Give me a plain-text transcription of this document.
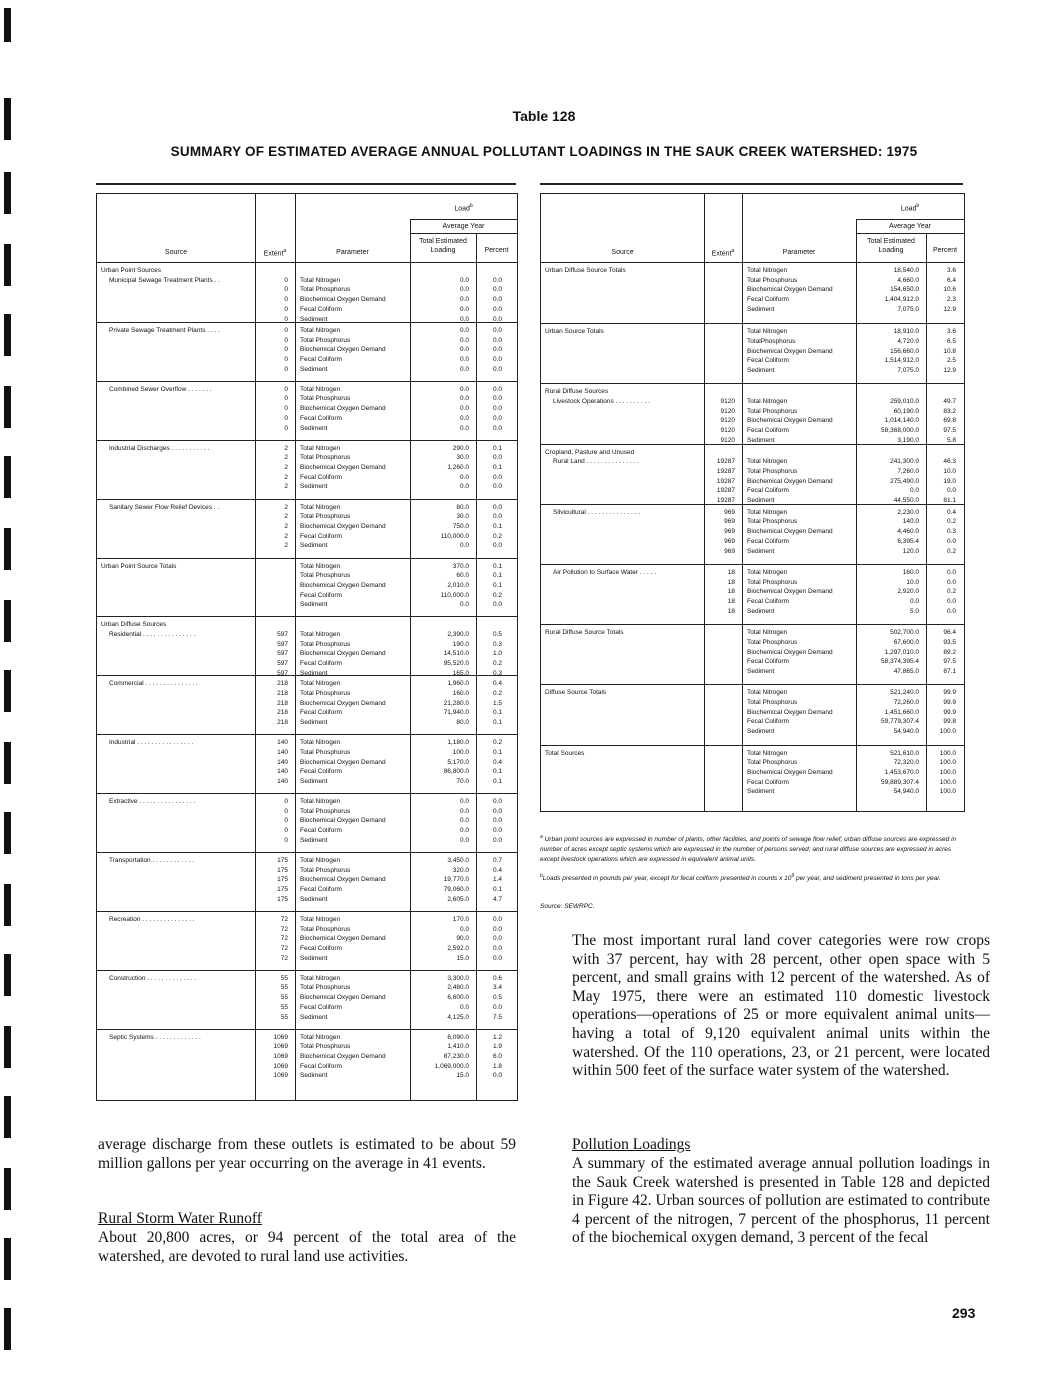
Table 128
SUMMARY OF ESTIMATED AVERAGE ANNUAL POLLUTANT LOADINGS IN THE SAUK CREEK WATERSHED: 1975
Source	Extent$^a$	Parameter
Load$^b$
Average Year
Total Estimated
Loading	Percent
Urban Point Sources
Municipal Sewage Treatment Plants . .	0 Total Nitrogen	0.0	0.0
0 Total Phosphorus	0.0	0.0
0 Biochemical Oxygen Demand	0.0	0.0
0 Fecal Coliform	0.0	0.0
0 Sediment	0.0	0.0
Private Sewage Treatment Plants . . . .	0 Total Nitrogen	0.0	0.0
0 Total Phosphorus	0.0	0.0
0 Biochemical Oxygen Demand	0.0	0.0
0 Fecal Coliform	0.0	0.0
0 Sediment	0.0	0.0
Combined Sewer Overflow . . . . . . .	0 Total Nitrogen	0.0	0.0
0 Total Phosphorus	0.0	0.0
0 Biochemical Oxygen Demand	0.0	0.0
0 Fecal Coliform	0.0	0.0
0 Sediment	0.0	0.0
Industrial Discharges . . . . . . . . . . .	2 Total Nitrogen	290.0	0.1
2 Total Phosphorus	30.0	0.0
2 Biochemical Oxygen Demand	1,260.0	0.1
2 Fecal Coliform	0.0	0.0
2 Sediment	0.0	0.0
Sanitary Sewer Flow Relief Devices . .	2 Total Nitrogen	80.0	0.0
2 Total Phosphorus	30.0	0.0
2 Biochemical Oxygen Demand	750.0	0.1
2 Fecal Coliform	110,000.0	0.2
2 Sediment	0.0	0.0
Urban Point Source Totals	Total Nitrogen	370.0	0.1
Total Phosphorus	60.0	0.1
Biochemical Oxygen Demand	2,010.0	0.1
Fecal Coliform	110,000.0	0.2
Sediment	0.0	0.0
Urban Diffuse Sources
Residential . . . . . . . . . . . . . . .	597 Total Nitrogen	2,390.0	0.5
597 Total Phosphorus	190.0	0.3
597 Biochemical Oxygen Demand	14,510.0	1.0
597 Fecal Coliform	95,520.0	0.2
597 Sediment	165.0	0.3
Commercial . . . . . . . . . . . . . . .	218 Total Nitrogen	1,960.0	0.4
218 Total Phosphorus	160.0	0.2
218 Biochemical Oxygen Demand	21,280.0	1.5
218 Fecal Coliform	71,940.0	0.1
218 Sediment	80.0	0.1
Industrial . . . . . . . . . . . . . . . .	140 Total Nitrogen	1,180.0	0.2
140 Total Phosphorus	100.0	0.1
140 Biochemical Oxygen Demand	5,170.0	0.4
140 Fecal Coliform	86,800.0	0.1
140 Sediment	70.0	0.1
Extractive . . . . . . . . . . . . . . . .	0 Total Nitrogen	0.0	0.0
0 Total Phosphorus	0.0	0.0
0 Biochemical Oxygen Demand	0.0	0.0
0 Fecal Coliform	0.0	0.0
0 Sediment	0.0	0.0
Transportation . . . . . . . . . . . .	175 Total Nitrogen	3,450.0	0.7
175 Total Phosphorus	320.0	0.4
175 Biochemical Oxygen Demand	19,770.0	1.4
175 Fecal Coliform	79,060.0	0.1
175 Sediment	2,605.0	4.7
Recreation . . . . . . . . . . . . . . .	72 Total Nitrogen	170.0	0.0
72 Total Phosphorus	0.0	0.0
72 Biochemical Oxygen Demand	90.0	0.0
72 Fecal Coliform	2,592.0	0.0
72 Sediment	15.0	0.0
Construction . . . . . . . . . . . . . .	55 Total Nitrogen	3,300.0	0.6
55 Total Phosphorus	2,480.0	3.4
55 Biochemical Oxygen Demand	6,600.0	0.5
55 Fecal Coliform	0.0	0.0
55 Sediment	4,125.0	7.5
Septic Systems . . . . . . . . . . . . .	1069 Total Nitrogen	6,090.0	1.2
1069 Total Phosphorus	1,410.0	1.9
1069 Biochemical Oxygen Demand	87,230.0	6.0
1069 Fecal Coliform	1,069,000.0	1.8
1069 Sediment	15.0	0.0
Source	Extent$^a$	Parameter
Load$^b$
Average Year
Total Estimated
Loading	Percent
Urban Diffuse Source Totals	Total Nitrogen	18,540.0	3.6
Total Phosphorus	4,660.0	6.4
Biochemical Oxygen Demand	154,650.0	10.6
Fecal Coliform	1,404,912.0	2.3
Sediment	7,075.0	12.9
Urban Source Totals	Total Nitrogen	18,910.0	3.6
TotalPhosphorus	4,720.0	6.5
Biochemical Oxygen Demand	156,660.0	10.8
Fecal Coliform	1,514,912.0	2.5
Sediment	7,075.0	12.9
Rural Diffuse Sources
Livestock Operations . . . . . . . . . .	9120 Total Nitrogen	259,010.0	49.7
9120 Total Phosphorus	60,190.0	83.2
9120 Biochemical Oxygen Demand	1,014,140.0	69.8
9120 Fecal Coliform	58,368,000.0	97.5
9120 Sediment	3,190.0	5.8
Cropland, Pasture and Unused
Rural Land . . . . . . . . . . . . . . .	19287 Total Nitrogen	241,300.0	46.3
19287 Total Phosphorus	7,260.0	10.0
19287 Biochemical Oxygen Demand	275,490.0	19.0
19287 Fecal Coliform	0.0	0.0
19287 Sediment	44,550.0	81.1
Silvicultural . . . . . . . . . . . . . . .	969 Total Nitrogen	2,230.0	0.4
969 Total Phosphorus	140.0	0.2
969 Biochemical Oxygen Demand	4,460.0	0.3
969 Fecal Coliform	6,395.4	0.0
969 Sediment	120.0	0.2
Air Pollution to Surface Water . . . . .	18 Total Nitrogen	160.0	0.0
18 Total Phosphorus	10.0	0.0
18 Biochemical Oxygen Demand	2,920.0	0.2
18 Fecal Coliform	0.0	0.0
18 Sediment	5.0	0.0
Rural Diffuse Source Totals	Total Nitrogen	502,700.0	96.4
Total Phosphorus	67,600.0	93.5
Biochemical Oxygen Demand	1,297,010.0	89.2
Fecal Coliform	58,374,395.4	97.5
Sediment	47,865.0	87.1
Diffuse Source Totals	Total Nitrogen	521,240.0	99.9
Total Phosphorus	72,260.0	99.9
Biochemical Oxygen Demand	1,451,660.0	99.9
Fecal Coliform	59,779,307.4	99.8
Sediment	54,940.0	100.0
Total Sources	Total Nitrogen	521,610.0	100.0
Total Phosphorus	72,320.0	100.0
Biochemical Oxygen Demand	1,453,670.0	100.0
Fecal Coliform	59,889,307.4	100.0
Sediment	54,940.0	100.0
$^a$ Urban point sources are expressed in number of plants, other facilities, and points of sewage flow relief; urban diffuse sources are expressed in number of acres except septic systems which are expressed in the number of persons served; and rural diffuse sources are expressed in acres except livestock operations which are expressed in equivalent animal units.
$^b$Loads presented in pounds per year, except for fecal coliform presented in counts x $10^9$ per year, and sediment presented in tons per year.
Source: SEWRPC.
The most important rural land cover categories were row crops with 37 percent, hay with 28 percent, other open space with 5 percent, and small grains with 12 percent of the watershed. As of May 1975, there were an estimated 110 domestic livestock operations—operations of 25 or more equivalent animal units—having a total of 9,120 equivalent animal units within the watershed. Of the 110 operations, 23, or 21 percent, were located within 500 feet of the surface water system of the watershed.
average discharge from these outlets is estimated to be about 59 million gallons per year occurring on the average in 41 events.
Rural Storm Water Runoff
About 20,800 acres, or 94 percent of the total area of the watershed, are devoted to rural land use activities.
Pollution Loadings
A summary of the estimated average annual pollution loadings in the Sauk Creek watershed is presented in Table 128 and depicted in Figure 42. Urban sources of pollution are estimated to contribute 4 percent of the nitrogen, 7 percent of the phosphorus, 11 percent of the biochemical oxygen demand, 3 percent of the fecal
293
